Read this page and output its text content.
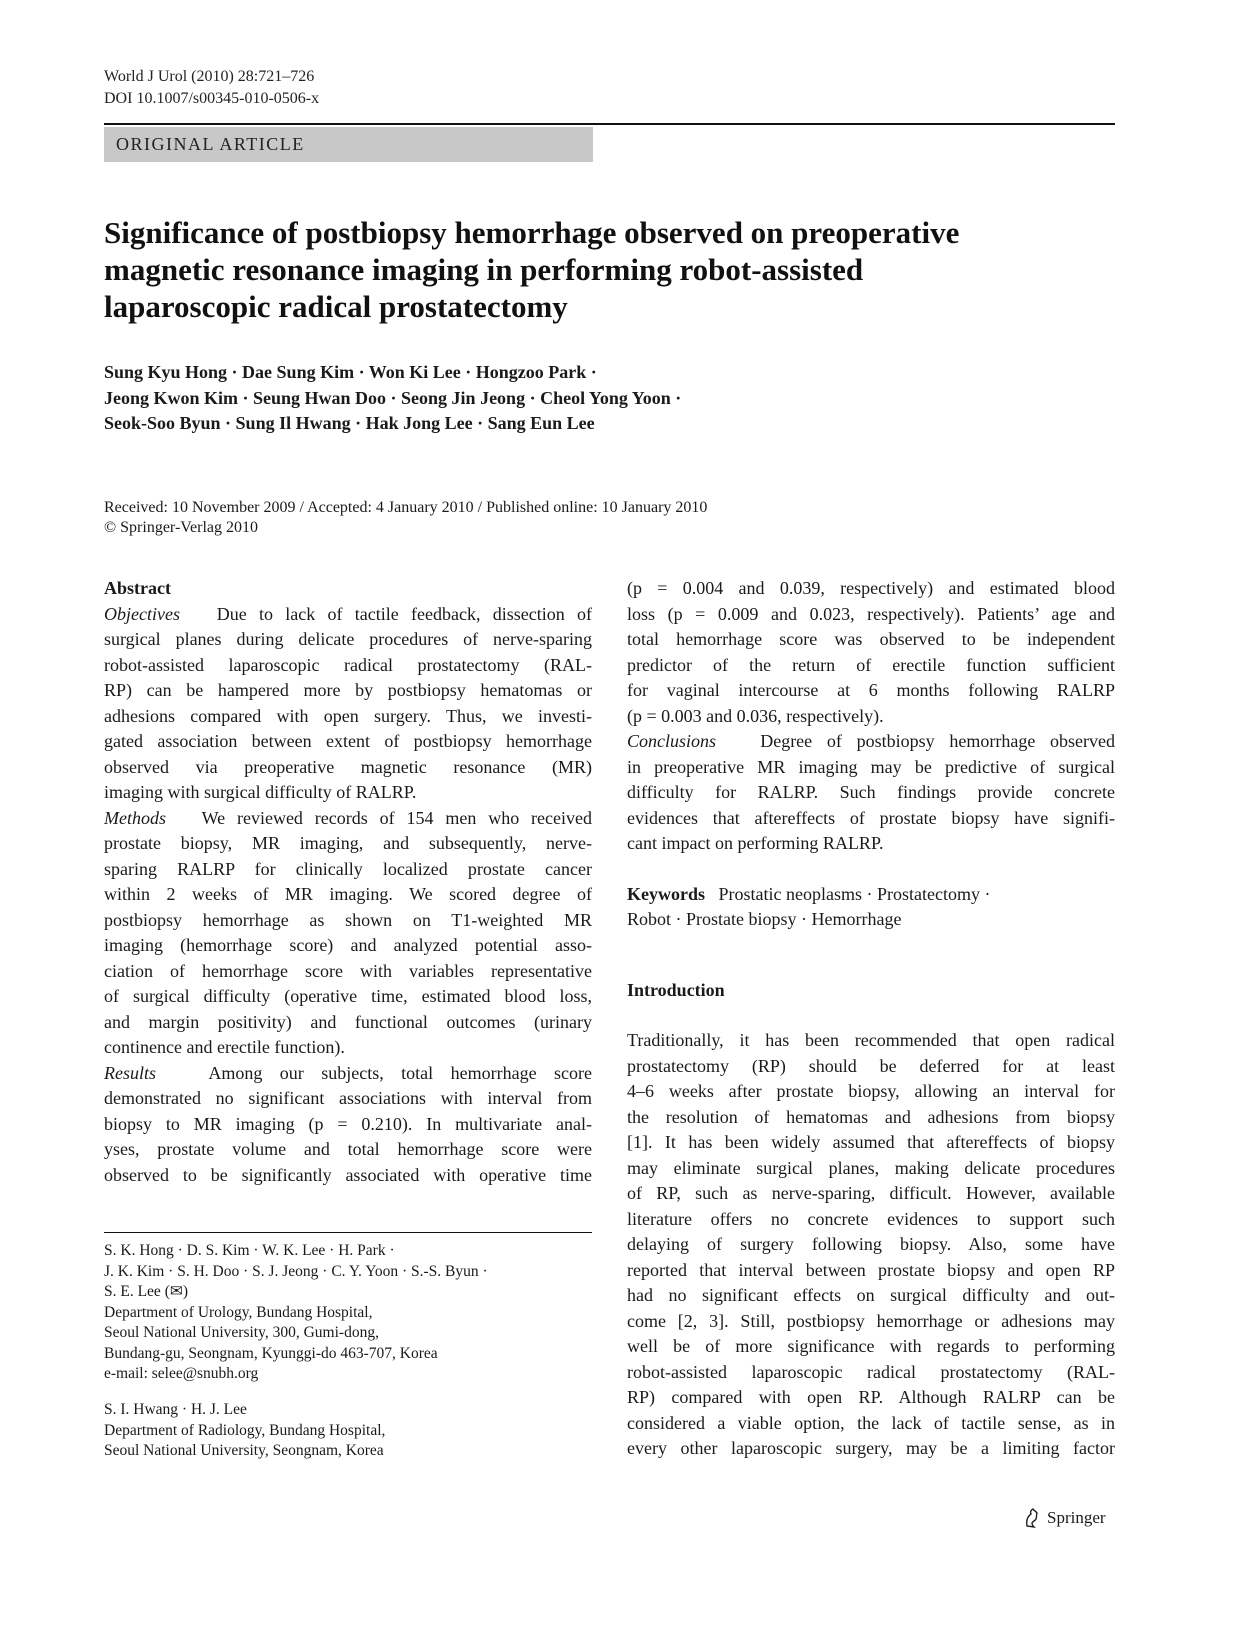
World J Urol (2010) 28:721–726
DOI 10.1007/s00345-010-0506-x
ORIGINAL ARTICLE
Significance of postbiopsy hemorrhage observed on preoperative
magnetic resonance imaging in performing robot-assisted
laparoscopic radical prostatectomy
Sung Kyu Hong · Dae Sung Kim · Won Ki Lee · Hongzoo Park ·
Jeong Kwon Kim · Seung Hwan Doo · Seong Jin Jeong · Cheol Yong Yoon ·
Seok-Soo Byun · Sung Il Hwang · Hak Jong Lee · Sang Eun Lee
Received: 10 November 2009 / Accepted: 4 January 2010 / Published online: 10 January 2010
© Springer-Verlag 2010
Abstract
Objectives Due to lack of tactile feedback, dissection of
surgical planes during delicate procedures of nerve-sparing
robot-assisted laparoscopic radical prostatectomy (RAL-
RP) can be hampered more by postbiopsy hematomas or
adhesions compared with open surgery. Thus, we investi-
gated association between extent of postbiopsy hemorrhage
observed via preoperative magnetic resonance (MR)
imaging with surgical difficulty of RALRP.
Methods We reviewed records of 154 men who received
prostate biopsy, MR imaging, and subsequently, nerve-
sparing RALRP for clinically localized prostate cancer
within 2 weeks of MR imaging. We scored degree of
postbiopsy hemorrhage as shown on T1-weighted MR
imaging (hemorrhage score) and analyzed potential asso-
ciation of hemorrhage score with variables representative
of surgical difficulty (operative time, estimated blood loss,
and margin positivity) and functional outcomes (urinary
continence and erectile function).
Results	Among our subjects, total hemorrhage score
demonstrated no significant associations with interval from
biopsy to MR imaging (p = 0.210). In multivariate anal-
yses, prostate volume and total hemorrhage score were
observed to be significantly associated with operative time
S. K. Hong · D. S. Kim · W. K. Lee · H. Park ·
J. K. Kim · S. H. Doo · S. J. Jeong · C. Y. Yoon · S.-S. Byun ·
S. E. Lee (✉)
Department of Urology, Bundang Hospital,
Seoul National University, 300, Gumi-dong,
Bundang-gu, Seongnam, Kyunggi-do 463-707, Korea
e-mail: selee@snubh.org
S. I. Hwang · H. J. Lee
Department of Radiology, Bundang Hospital,
Seoul National University, Seongnam, Korea
(p = 0.004 and 0.039, respectively) and estimated blood
loss (p = 0.009 and 0.023, respectively). Patients’ age and
total hemorrhage score was observed to be independent
predictor of the return of erectile function sufficient
for vaginal intercourse at 6 months following RALRP
(p = 0.003 and 0.036, respectively).
Conclusions Degree of postbiopsy hemorrhage observed
in preoperative MR imaging may be predictive of surgical
difficulty for RALRP. Such findings provide concrete
evidences that aftereffects of prostate biopsy have signifi-
cant impact on performing RALRP.
Keywords Prostatic neoplasms · Prostatectomy ·
Robot · Prostate biopsy · Hemorrhage
Introduction
Traditionally, it has been recommended that open radical
prostatectomy (RP) should be deferred for at least
4–6 weeks after prostate biopsy, allowing an interval for
the resolution of hematomas and adhesions from biopsy
[1]. It has been widely assumed that aftereffects of biopsy
may eliminate surgical planes, making delicate procedures
of RP, such as nerve-sparing, difficult. However, available
literature offers no concrete evidences to support such
delaying of surgery following biopsy. Also, some have
reported that interval between prostate biopsy and open RP
had no significant effects on surgical difficulty and out-
come [2, 3]. Still, postbiopsy hemorrhage or adhesions may
well be of more significance with regards to performing
robot-assisted laparoscopic radical prostatectomy (RAL-
RP) compared with open RP. Although RALRP can be
considered a viable option, the lack of tactile sense, as in
every other laparoscopic surgery, may be a limiting factor
Springer
